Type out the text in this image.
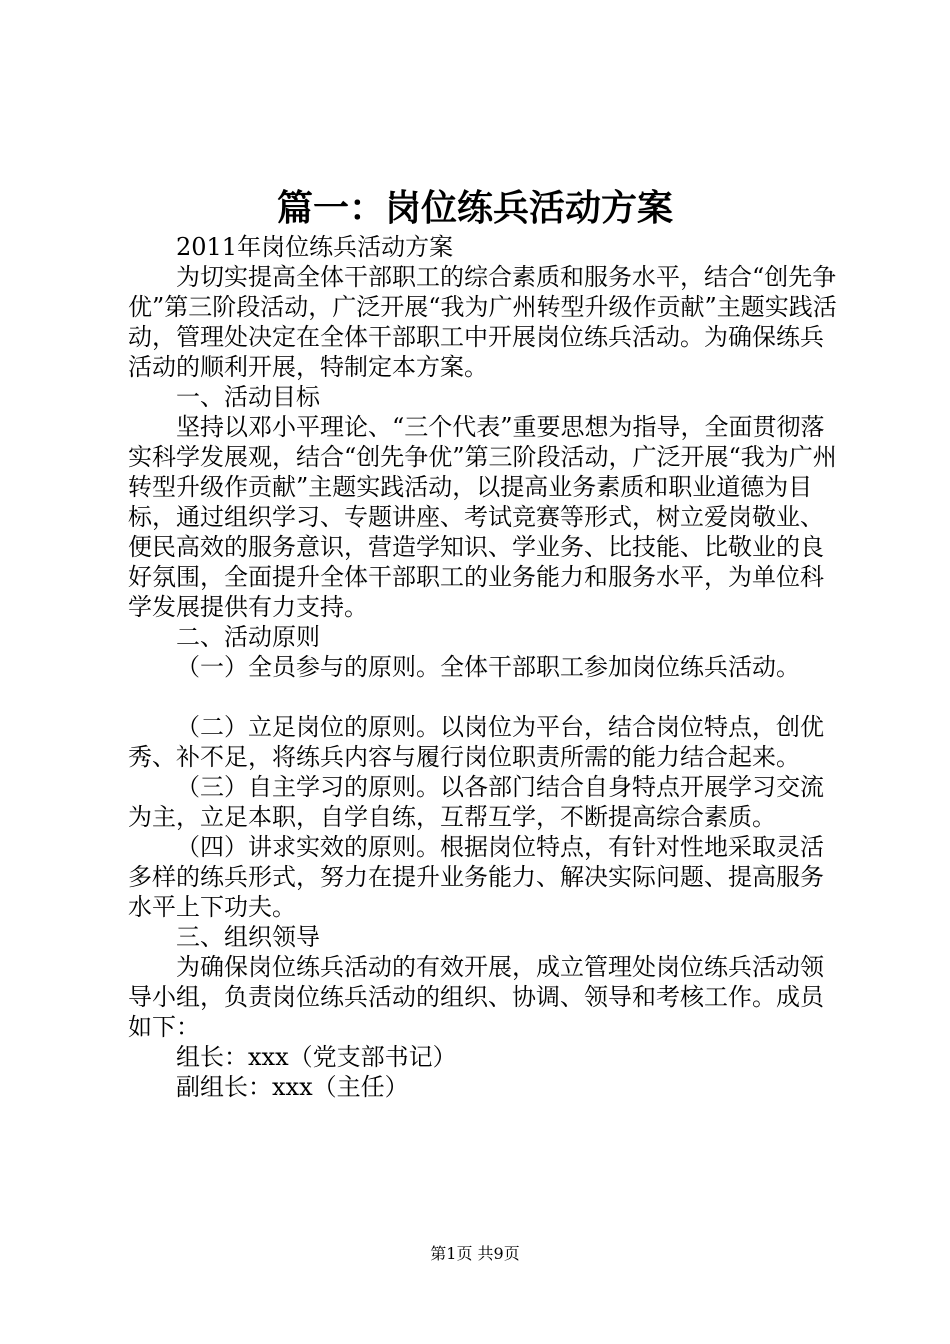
篇一：岗位练兵活动方案

2011年岗位练兵活动方案

为切实提高全体干部职工的综合素质和服务水平，结合“创先争优”第三阶段活动，广泛开展“我为广州转型升级作贡献”主题实践活动，管理处决定在全体干部职工中开展岗位练兵活动。为确保练兵活动的顺利开展，特制定本方案。

一、活动目标

坚持以邓小平理论、“三个代表”重要思想为指导，全面贯彻落实科学发展观，结合“创先争优”第三阶段活动，广泛开展“我为广州转型升级作贡献”主题实践活动，以提高业务素质和职业道德为目标，通过组织学习、专题讲座、考试竞赛等形式，树立爱岗敬业、便民高效的服务意识，营造学知识、学业务、比技能、比敬业的良好氛围，全面提升全体干部职工的业务能力和服务水平，为单位科学发展提供有力支持。

二、活动原则

（一）全员参与的原则。全体干部职工参加岗位练兵活动。

（二）立足岗位的原则。以岗位为平台，结合岗位特点，创优秀、补不足，将练兵内容与履行岗位职责所需的能力结合起来。

（三）自主学习的原则。以各部门结合自身特点开展学习交流为主，立足本职，自学自练，互帮互学，不断提高综合素质。

（四）讲求实效的原则。根据岗位特点，有针对性地采取灵活多样的练兵形式，努力在提升业务能力、解决实际问题、提高服务水平上下功夫。

三、组织领导

为确保岗位练兵活动的有效开展，成立管理处岗位练兵活动领导小组，负责岗位练兵活动的组织、协调、领导和考核工作。成员如下：

组长：xxx（党支部书记）

副组长：xxx（主任）

第1页 共9页
